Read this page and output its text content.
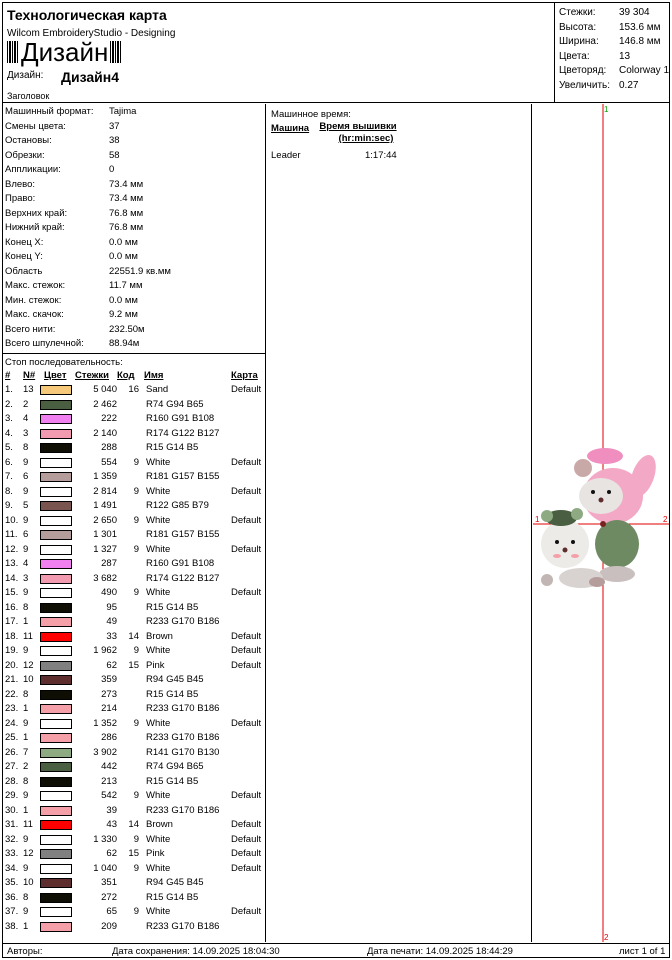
Технологическая карта
Wilcom EmbroideryStudio - Designing
Дизайн
Дизайн: Дизайн4
Заголовок
Стежки: 39 304
Высота: 153.6 мм
Ширина: 146.8 мм
Цвета:	13
Цветоряд: Colorway 1
Увеличить: 0.27
Машинный формат: Tajima
Смены цвета:	37
Остановы:	38
Обрезки:	58
Аппликации:	0
Влево:	73.4 мм
Право:	73.4 мм
Верхних край:	76.8 мм
Нижний край:	76.8 мм
Конец X:	0.0 мм
Конец Y:	0.0 мм
Область	22551.9 кв.мм
Макс. стежок:	11.7 мм
Мин. стежок:	0.0 мм
Макс. скачок:	9.2 мм
Всего нити:	232.50м
Всего шпулечной:	88.94м
Стоп последовательность:
# N# Цвет Стежки Код Имя	Карта
1. 13	5 040	16 Sand	Default
2. 2	2 462	R74 G94 B65
3. 4	222	R160 G91 B108
4. 3	2 140	R174 G122 B127
5. 8	288	R15 G14 B5
6. 9	554	9 White	Default
7. 6	1 359	R181 G157 B155
8. 9	2 814	9 White	Default
9. 5	1 491	R122 G85 B79
10. 9	2 650	9 White	Default
11. 6	1 301	R181 G157 B155
12. 9	1 327	9 White	Default
13. 4	287	R160 G91 B108
14. 3	3 682	R174 G122 B127
15. 9	490	9 White	Default
16. 8	95	R15 G14 B5
17. 1	49	R233 G170 B186
18. 11	33	14 Brown	Default
19. 9	1 962	9 White	Default
20. 12	62	15 Pink	Default
21. 10	359	R94 G45 B45
22. 8	273	R15 G14 B5
23. 1	214	R233 G170 B186
24. 9	1 352	9 White	Default
25. 1	286	R233 G170 B186
26. 7	3 902	R141 G170 B130
27. 2	442	R74 G94 B65
28. 8	213	R15 G14 B5
29. 9	542	9 White	Default
30. 1	39	R233 G170 B186
31. 11	43	14 Brown	Default
32. 9	1 330	9 White	Default
33. 12	62	15 Pink	Default
34. 9	1 040	9 White	Default
35. 10	351	R94 G45 B45
36. 8	272	R15 G14 B5
37. 9	65	9 White	Default
38. 1	209	R233 G170 B186
Машинное время:
Машина	Время вышивки
(hr:min:sec)
Leader	1:17:44
1
2
1	2
Авторы:	Дата сохранения: 14.09.2025 18:04:30	Дата печати: 14.09.2025 18:44:29	лист 1 of 1
